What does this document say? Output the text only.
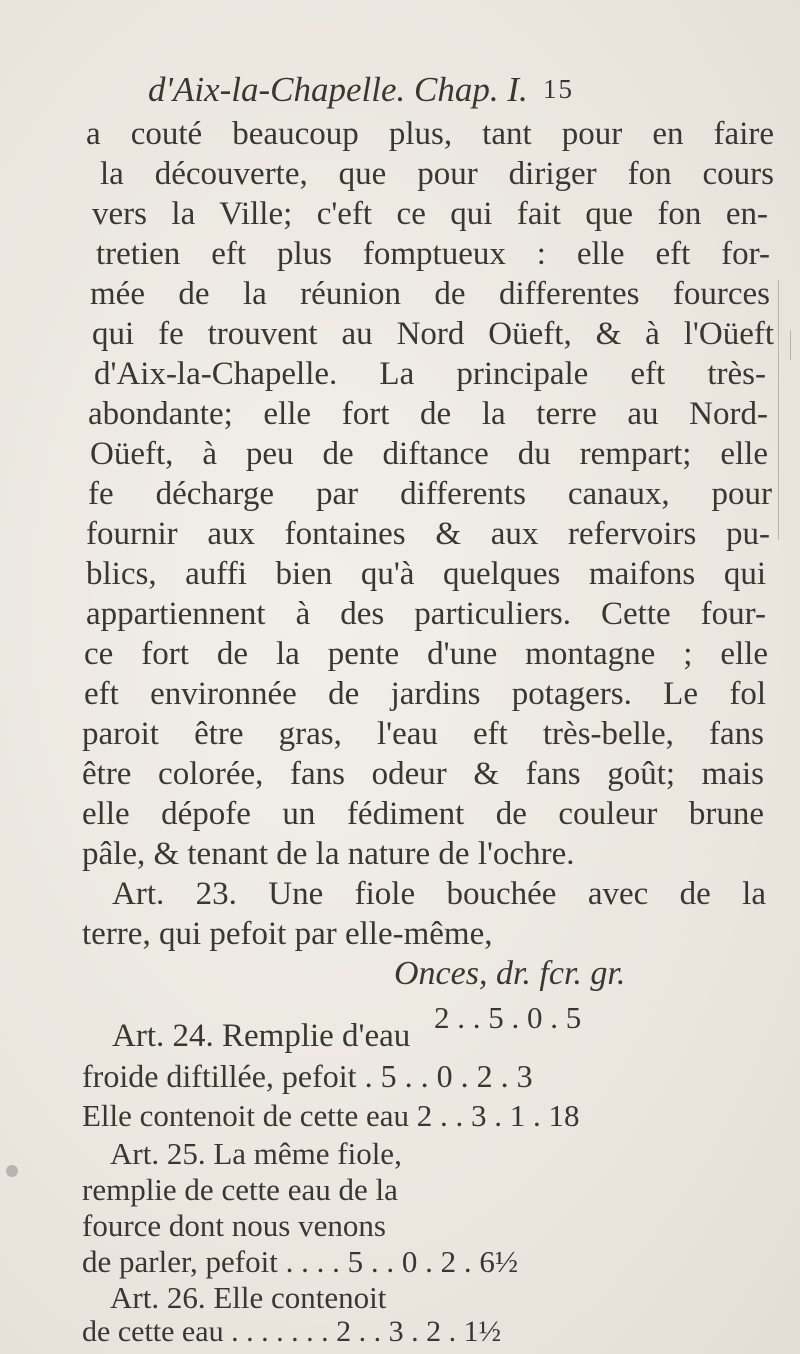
d'Aix-la-Chapelle. Chap. I. 15
a couté beaucoup plus, tant pour en faire
la découverte, que pour diriger fon cours
vers la Ville; c'eft ce qui fait que fon en-
tretien eft plus fomptueux : elle eft for-
mée de la réunion de differentes fources
qui fe trouvent au Nord Oüeft, & à l'Oüeft
d'Aix-la-Chapelle. La principale eft très-
abondante; elle fort de la terre au Nord-
Oüeft, à peu de diftance du rempart; elle
fe décharge par differents canaux, pour
fournir aux fontaines & aux refervoirs pu-
blics, auffi bien qu'à quelques maifons qui
appartiennent à des particuliers. Cette four-
ce fort de la pente d'une montagne ; elle
eft environnée de jardins potagers. Le fol
paroit être gras, l'eau eft très-belle, fans
être colorée, fans odeur & fans goût; mais
elle dépofe un fédiment de couleur brune
pâle, & tenant de la nature de l'ochre.
Art. 23. Une fiole bouchée avec de la
terre, qui pefoit par elle-même,
Onces, dr. fcr. gr.
2 . . 5 . 0 . 5
Art. 24. Remplie d'eau
froide diftillée, pefoit . 5 . . 0 . 2 . 3
Elle contenoit de cette eau 2 . . 3 . 1 . 18
Art. 25. La même fiole,
remplie de cette eau de la
fource dont nous venons
de parler, pefoit . . . . 5 . . 0 . 2 . 6½
Art. 26. Elle contenoit
de cette eau . . . . . . . 2 . . 3 . 2 . 1½
